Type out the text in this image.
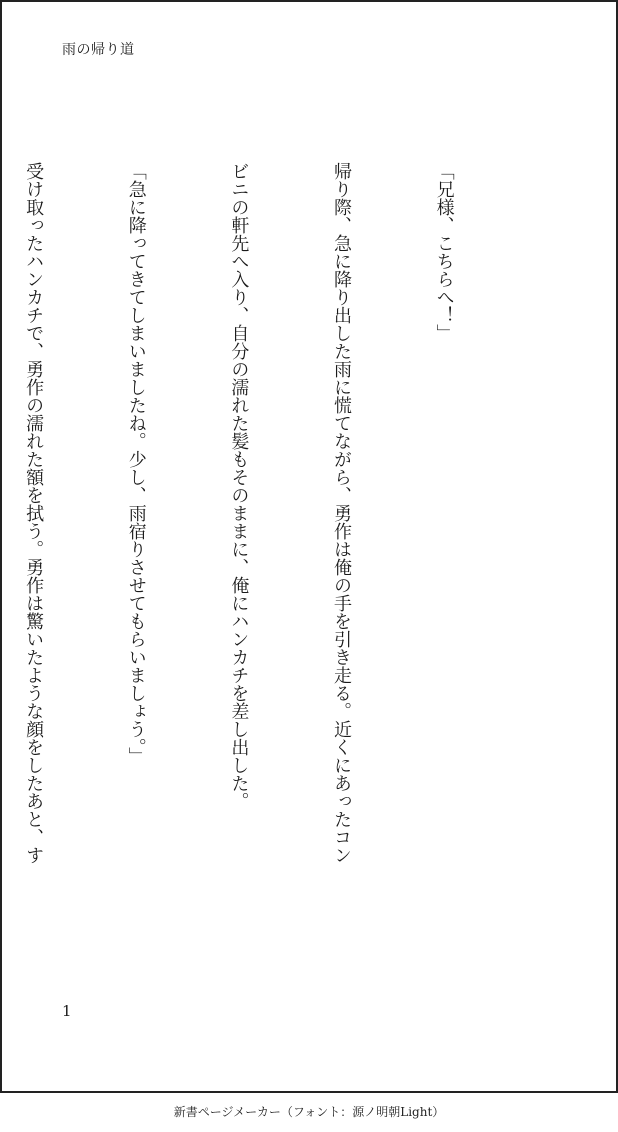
雨の帰り道

「兄様、こちらへ！」

帰り際、急に降り出した雨に慌てながら、勇作は俺の手を引き走る。近くにあったコン

ビニの軒先へ入り、自分の濡れた髪もそのままに、俺にハンカチを差し出した。

「急に降ってきてしまいましたね。少し、雨宿りさせてもらいましょう。」

受け取ったハンカチで、勇作の濡れた額を拭う。勇作は驚いたような顔をしたあと、す

1
新書ページメーカー（フォント：源ノ明朝Light）
